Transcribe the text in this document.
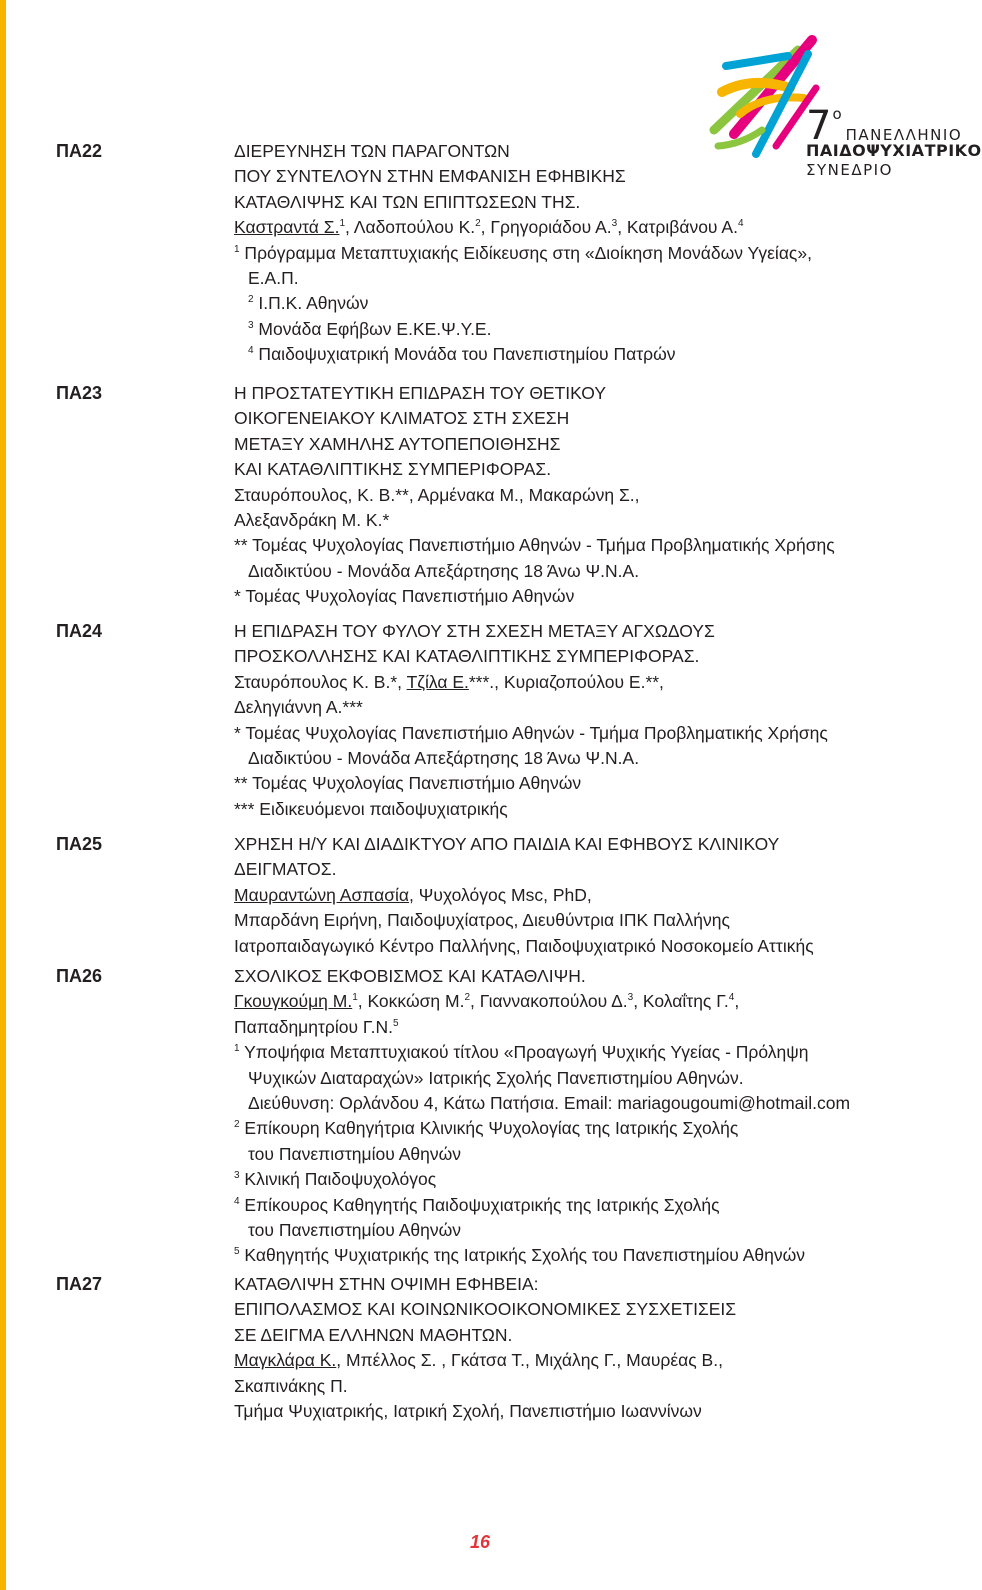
7 ο
ΠΑΝΕΛΛΗΝΙΟ
ΠΑΙΔΟΨΥΧΙΑΤΡΙΚΟ
ΣΥΝΕΔΡΙΟ
ΠΑ22	ΔΙΕΡΕΥΝΗΣΗ ΤΩΝ ΠΑΡΑΓΟΝΤΩΝ
ΠΟΥ ΣΥΝΤΕΛΟΥΝ ΣΤΗΝ ΕΜΦΑΝΙΣΗ ΕΦΗΒΙΚΗΣ
ΚΑΤΑΘΛΙΨΗΣ ΚΑΙ ΤΩΝ ΕΠΙΠΤΩΣΕΩΝ ΤΗΣ.
Καστραντά Σ.$^1$, Λαδοπούλου Κ.$^2$, Γρηγοριάδου Α.$^3$, Κατριβάνου Α.$^4$
$^1$ Πρόγραμμα Μεταπτυχιακής Ειδίκευσης στη «Διοίκηση Μονάδων Υγείας»,
Ε.Α.Π.
$^2$ Ι.Π.Κ. Αθηνών
$^3$ Μονάδα Εφήβων Ε.ΚΕ.Ψ.Υ.Ε.
$^4$ Παιδοψυχιατρική Μονάδα του Πανεπιστημίου Πατρών
ΠΑ23	Η ΠΡΟΣΤΑΤΕΥΤΙΚΗ ΕΠΙΔΡΑΣΗ ΤΟΥ ΘΕΤΙΚΟΥ
ΟΙΚΟΓΕΝΕΙΑΚΟΥ ΚΛΙΜΑΤΟΣ ΣΤΗ ΣΧΕΣΗ
ΜΕΤΑΞΥ ΧΑΜΗΛΗΣ ΑΥΤΟΠΕΠΟΙΘΗΣΗΣ
ΚΑΙ ΚΑΤΑΘΛΙΠΤΙΚΗΣ ΣΥΜΠΕΡΙΦΟΡΑΣ.
Σταυρόπουλος, Κ. Β.**, Αρμένακα Μ., Μακαρώνη Σ.,
Αλεξανδράκη Μ. Κ.*
** Τομέας Ψυχολογίας Πανεπιστήμιο Αθηνών - Τμήμα Προβληματικής Χρήσης
Διαδικτύου - Μονάδα Απεξάρτησης 18 Άνω Ψ.Ν.Α.
* Τομέας Ψυχολογίας Πανεπιστήμιο Αθηνών
ΠΑ24	Η ΕΠΙΔΡΑΣΗ ΤΟΥ ΦΥΛΟΥ ΣΤΗ ΣΧΕΣΗ ΜΕΤΑΞΥ ΑΓΧΩΔΟΥΣ
ΠΡΟΣΚΟΛΛΗΣΗΣ ΚΑΙ ΚΑΤΑΘΛΙΠΤΙΚΗΣ ΣΥΜΠΕΡΙΦΟΡΑΣ.
Σταυρόπουλος Κ. Β.*, Τζίλα Ε.***., Κυριαζοπούλου Ε.**,
Δεληγιάννη Α.***
* Τομέας Ψυχολογίας Πανεπιστήμιο Αθηνών - Τμήμα Προβληματικής Χρήσης
Διαδικτύου - Μονάδα Απεξάρτησης 18 Άνω Ψ.Ν.Α.
** Τομέας Ψυχολογίας Πανεπιστήμιο Αθηνών
*** Ειδικευόμενοι παιδοψυχιατρικής
ΠΑ25	ΧΡΗΣΗ Η/Υ ΚΑΙ ΔΙΑΔΙΚΤΥΟΥ ΑΠΟ ΠΑΙΔΙΑ ΚΑΙ ΕΦΗΒΟΥΣ ΚΛΙΝΙΚΟΥ
ΔΕΙΓΜΑΤΟΣ.
Μαυραντώνη Ασπασία, Ψυχολόγος Msc, PhD,
Μπαρδάνη Ειρήνη, Παιδοψυχίατρος, Διευθύντρια ΙΠΚ Παλλήνης
Ιατροπαιδαγωγικό Κέντρο Παλλήνης, Παιδοψυχιατρικό Νοσοκομείο Αττικής
ΠΑ26	ΣΧΟΛΙΚΟΣ ΕΚΦΟΒΙΣΜΟΣ ΚΑΙ ΚΑΤΑΘΛΙΨΗ.
Γκουγκούμη Μ.$^1$, Κοκκώση Μ.$^2$, Γιαννακοπούλου Δ.$^3$, Κολαΐτης Γ.$^4$,
Παπαδημητρίου Γ.Ν.$^5$
$^1$ Υποψήφια Μεταπτυχιακού τίτλου «Προαγωγή Ψυχικής Υγείας - Πρόληψη
Ψυχικών Διαταραχών» Ιατρικής Σχολής Πανεπιστημίου Αθηνών.
Διεύθυνση: Ορλάνδου 4, Κάτω Πατήσια. Email: mariagougoumi@hotmail.com
$^2$ Επίκουρη Καθηγήτρια Κλινικής Ψυχολογίας της Ιατρικής Σχολής
του Πανεπιστημίου Αθηνών
$^3$ Κλινική Παιδοψυχολόγος
$^4$ Επίκουρος Καθηγητής Παιδοψυχιατρικής της Ιατρικής Σχολής
του Πανεπιστημίου Αθηνών
$^5$ Καθηγητής Ψυχιατρικής της Ιατρικής Σχολής του Πανεπιστημίου Αθηνών
ΠΑ27	ΚΑΤΑΘΛΙΨΗ ΣΤΗΝ ΟΨΙΜΗ ΕΦΗΒΕΙΑ:
ΕΠΙΠΟΛΑΣΜΟΣ ΚΑΙ ΚΟΙΝΩΝΙΚΟΟΙΚΟΝΟΜΙΚΕΣ ΣΥΣΧΕΤΙΣΕΙΣ
ΣΕ ΔΕΙΓΜΑ ΕΛΛΗΝΩΝ ΜΑΘΗΤΩΝ.
Μαγκλάρα Κ., Μπέλλος Σ. , Γκάτσα Τ., Μιχάλης Γ., Μαυρέας Β.,
Σκαπινάκης Π.
Τμήμα Ψυχιατρικής, Ιατρική Σχολή, Πανεπιστήμιο Ιωαννίνων
16
